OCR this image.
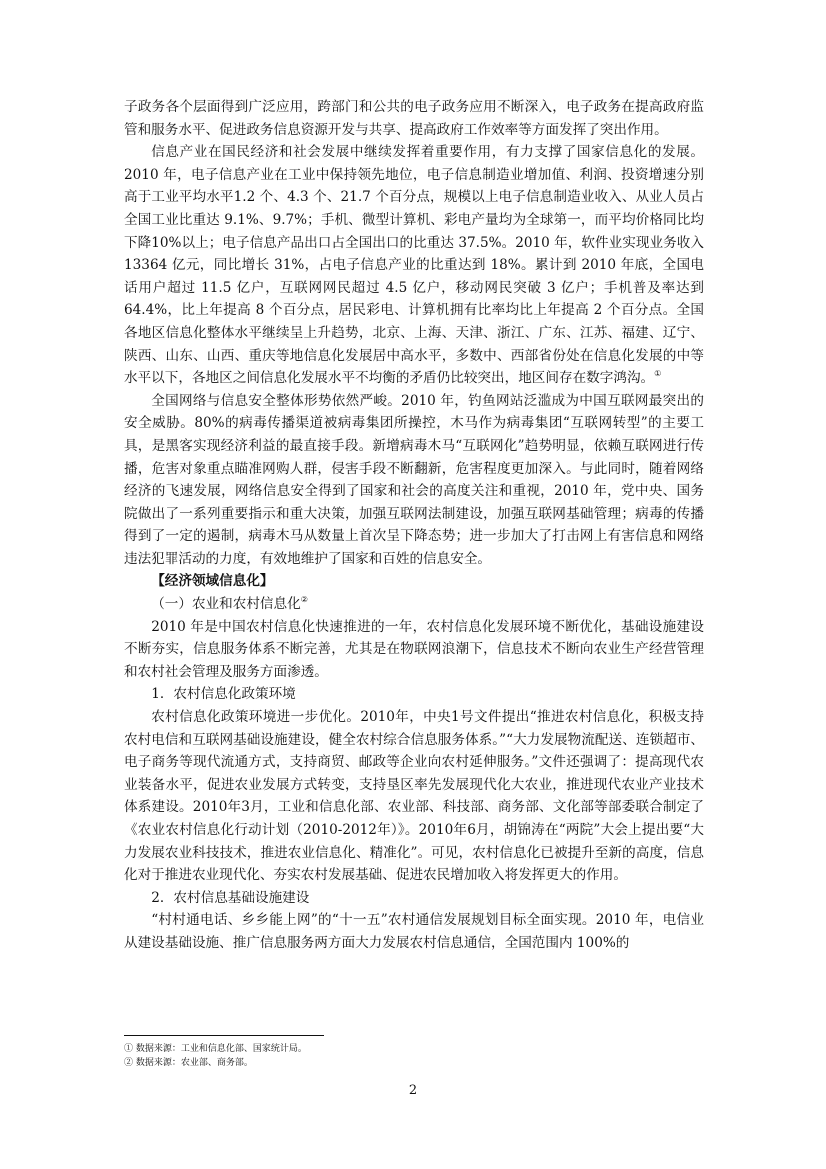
子政务各个层面得到广泛应用，跨部门和公共的电子政务应用不断深入，电子政务在提高政府监管和服务水平、促进政务信息资源开发与共享、提高政府工作效率等方面发挥了突出作用。

信息产业在国民经济和社会发展中继续发挥着重要作用，有力支撑了国家信息化的发展。2010 年，电子信息产业在工业中保持领先地位，电子信息制造业增加值、利润、投资增速分别高于工业平均水平1.2 个、4.3 个、21.7 个百分点，规模以上电子信息制造业收入、从业人员占全国工业比重达 9.1%、9.7%；手机、微型计算机、彩电产量均为全球第一，而平均价格同比均下降10%以上；电子信息产品出口占全国出口的比重达 37.5%。2010 年，软件业实现业务收入13364 亿元，同比增长 31%，占电子信息产业的比重达到 18%。累计到 2010 年底，全国电话用户超过 11.5 亿户，互联网网民超过 4.5 亿户，移动网民突破 3 亿户；手机普及率达到64.4%，比上年提高 8 个百分点，居民彩电、计算机拥有比率均比上年提高 2 个百分点。全国各地区信息化整体水平继续呈上升趋势，北京、上海、天津、浙江、广东、江苏、福建、辽宁、陕西、山东、山西、重庆等地信息化发展居中高水平，多数中、西部省份处在信息化发展的中等水平以下，各地区之间信息化发展水平不均衡的矛盾仍比较突出，地区间存在数字鸿沟。①

全国网络与信息安全整体形势依然严峻。2010 年，钓鱼网站泛滥成为中国互联网最突出的安全威胁。80%的病毒传播渠道被病毒集团所操控，木马作为病毒集团“互联网转型”的主要工具，是黑客实现经济利益的最直接手段。新增病毒木马“互联网化”趋势明显，依赖互联网进行传播，危害对象重点瞄准网购人群，侵害手段不断翻新，危害程度更加深入。与此同时，随着网络经济的飞速发展，网络信息安全得到了国家和社会的高度关注和重视，2010 年，党中央、国务院做出了一系列重要指示和重大决策，加强互联网法制建设，加强互联网基础管理；病毒的传播得到了一定的遏制，病毒木马从数量上首次呈下降态势；进一步加大了打击网上有害信息和网络违法犯罪活动的力度，有效地维护了国家和百姓的信息安全。

【经济领域信息化】

（一）农业和农村信息化②

2010 年是中国农村信息化快速推进的一年，农村信息化发展环境不断优化，基础设施建设不断夯实，信息服务体系不断完善，尤其是在物联网浪潮下，信息技术不断向农业生产经营管理和农村社会管理及服务方面渗透。

1．农村信息化政策环境

农村信息化政策环境进一步优化。2010年，中央1号文件提出“推进农村信息化，积极支持农村电信和互联网基础设施建设，健全农村综合信息服务体系。”“大力发展物流配送、连锁超市、电子商务等现代流通方式，支持商贸、邮政等企业向农村延伸服务。”文件还强调了：提高现代农业装备水平，促进农业发展方式转变，支持垦区率先发展现代化大农业，推进现代农业产业技术体系建设。2010年3月，工业和信息化部、农业部、科技部、商务部、文化部等部委联合制定了《农业农村信息化行动计划（2010-2012年）》。2010年6月，胡锦涛在“两院”大会上提出要“大力发展农业科技技术，推进农业信息化、精准化”。可见，农村信息化已被提升至新的高度，信息化对于推进农业现代化、夯实农村发展基础、促进农民增加收入将发挥更大的作用。

2．农村信息基础设施建设

“村村通电话、乡乡能上网”的“十一五”农村通信发展规划目标全面实现。2010 年，电信业从建设基础设施、推广信息服务两方面大力发展农村信息通信，全国范围内 100%的

① 数据来源：工业和信息化部、国家统计局。
② 数据来源：农业部、商务部。
2
